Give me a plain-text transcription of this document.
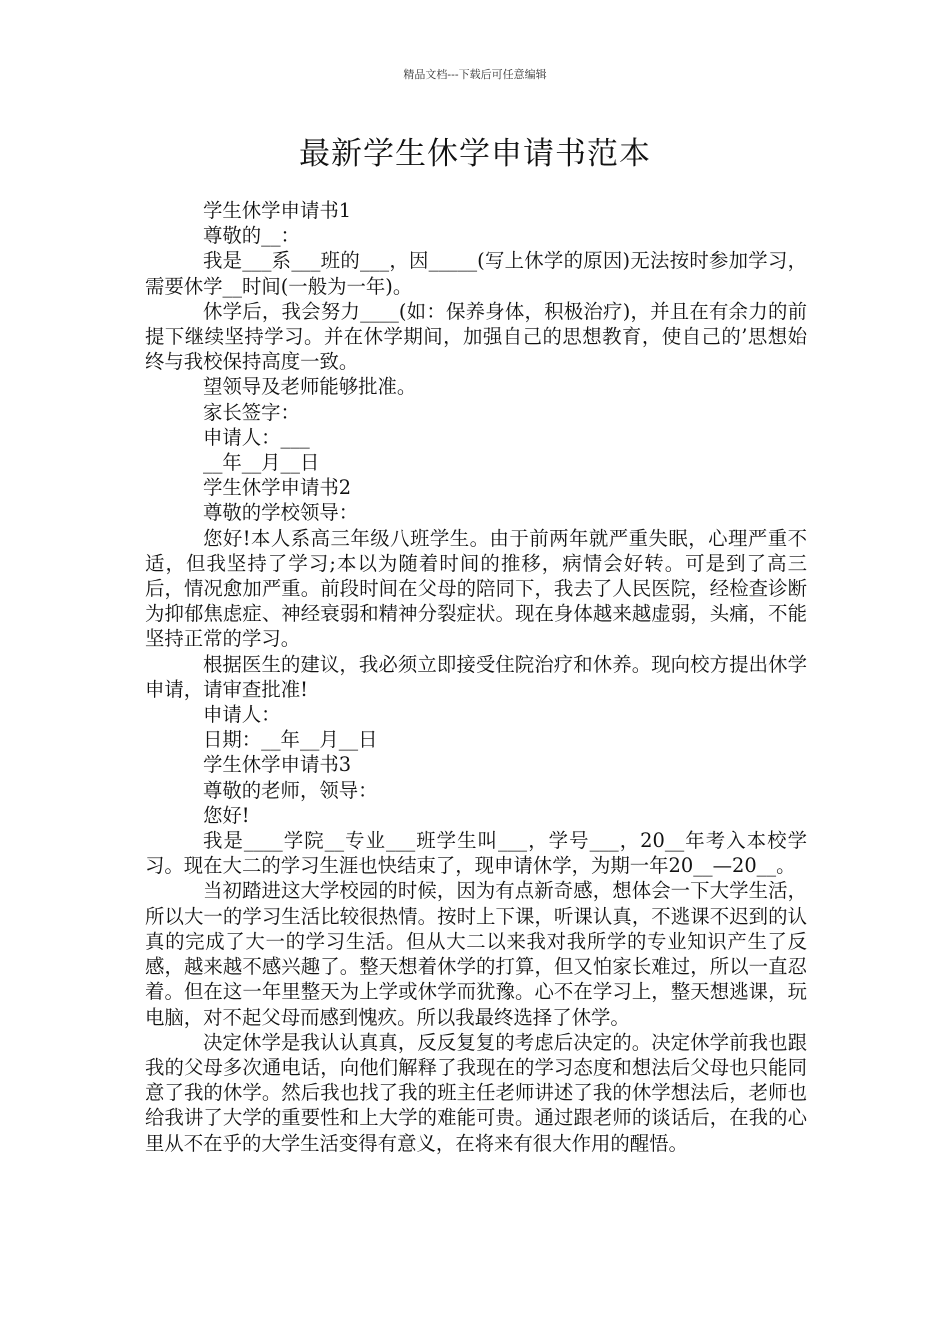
精品文档---下载后可任意编辑
最新学生休学申请书范本

学生休学申请书1

尊敬的__：

我是___系___班的___，因_____(写上休学的原因)无法按时参加学习，需要休学__时间(一般为一年)。

休学后，我会努力____(如：保养身体，积极治疗)，并且在有余力的前提下继续坚持学习。并在休学期间，加强自己的思想教育，使自己的’思想始终与我校保持高度一致。

望领导及老师能够批准。

家长签字：

申请人：___

__年__月__日

学生休学申请书2

尊敬的学校领导：

您好!本人系高三年级八班学生。由于前两年就严重失眠，心理严重不适，但我坚持了学习;本以为随着时间的推移，病情会好转。可是到了高三后，情况愈加严重。前段时间在父母的陪同下，我去了人民医院，经检查诊断为抑郁焦虑症、神经衰弱和精神分裂症状。现在身体越来越虚弱，头痛，不能坚持正常的学习。

根据医生的建议，我必须立即接受住院治疗和休养。现向校方提出休学申请，请审查批准!

申请人：

日期：__年__月__日

学生休学申请书3

尊敬的老师，领导：

您好!

我是____学院__专业___班学生叫___，学号___，20__年考入本校学习。现在大二的学习生涯也快结束了，现申请休学，为期一年20__—20__。

当初踏进这大学校园的时候，因为有点新奇感，想体会一下大学生活，所以大一的学习生活比较很热情。按时上下课，听课认真，不逃课不迟到的认真的完成了大一的学习生活。但从大二以来我对我所学的专业知识产生了反感，越来越不感兴趣了。整天想着休学的打算，但又怕家长难过，所以一直忍着。但在这一年里整天为上学或休学而犹豫。心不在学习上，整天想逃课，玩电脑，对不起父母而感到愧疚。所以我最终选择了休学。

决定休学是我认认真真，反反复复的考虑后决定的。决定休学前我也跟我的父母多次通电话，向他们解释了我现在的学习态度和想法后父母也只能同意了我的休学。然后我也找了我的班主任老师讲述了我的休学想法后，老师也给我讲了大学的重要性和上大学的难能可贵。通过跟老师的谈话后，在我的心里从不在乎的大学生活变得有意义，在将来有很大作用的醒悟。
